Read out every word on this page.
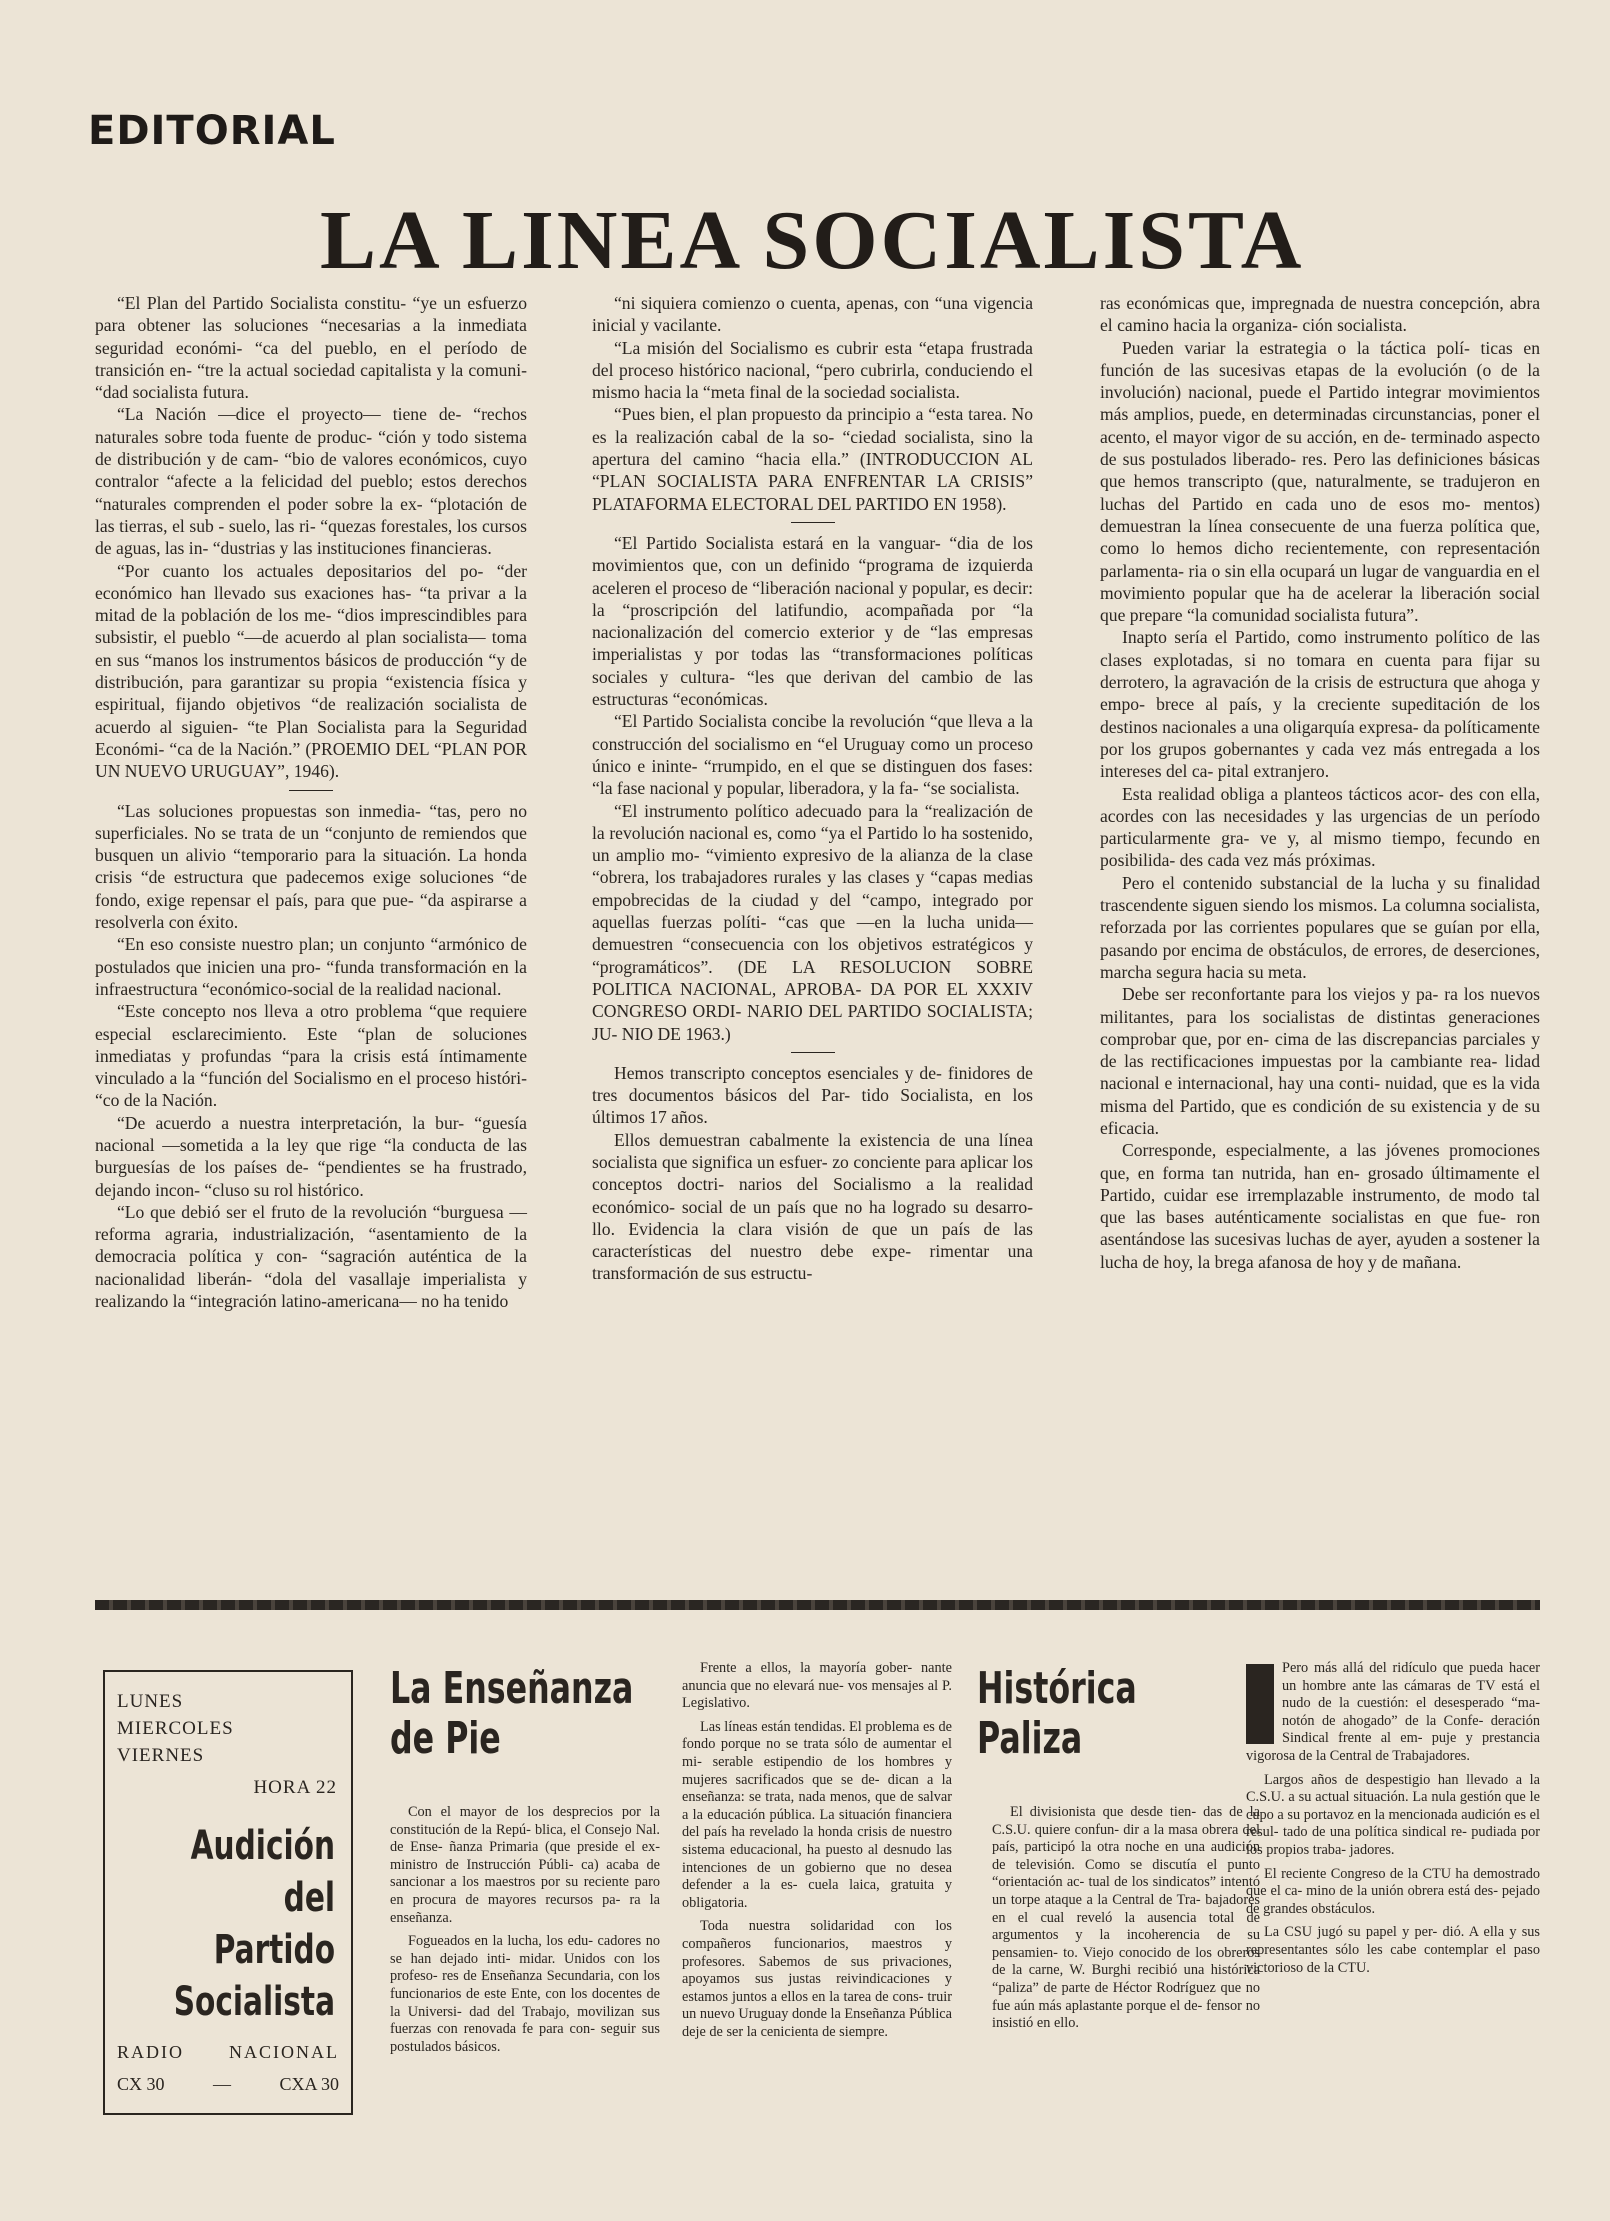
EDITORIAL
LA LINEA SOCIALISTA

“El Plan del Partido Socialista constitu- “ye un esfuerzo para obtener las soluciones “necesarias a la inmediata seguridad económi- “ca del pueblo, en el período de transición en- “tre la actual sociedad capitalista y la comuni- “dad socialista futura.

“La Nación —dice el proyecto— tiene de- “rechos naturales sobre toda fuente de produc- “ción y todo sistema de distribución y de cam- “bio de valores económicos, cuyo contralor “afecte a la felicidad del pueblo; estos derechos “naturales comprenden el poder sobre la ex- “plotación de las tierras, el sub - suelo, las ri- “quezas forestales, los cursos de aguas, las in- “dustrias y las instituciones financieras.

“Por cuanto los actuales depositarios del po- “der económico han llevado sus exaciones has- “ta privar a la mitad de la población de los me- “dios imprescindibles para subsistir, el pueblo “—de acuerdo al plan socialista— toma en sus “manos los instrumentos básicos de producción “y de distribución, para garantizar su propia “existencia física y espiritual, fijando objetivos “de realización socialista de acuerdo al siguien- “te Plan Socialista para la Seguridad Económi- “ca de la Nación.” (PROEMIO DEL “PLAN POR UN NUEVO URUGUAY”, 1946).

“Las soluciones propuestas son inmedia- “tas, pero no superficiales. No se trata de un “conjunto de remiendos que busquen un alivio “temporario para la situación. La honda crisis “de estructura que padecemos exige soluciones “de fondo, exige repensar el país, para que pue- “da aspirarse a resolverla con éxito.

“En eso consiste nuestro plan; un conjunto “armónico de postulados que inicien una pro- “funda transformación en la infraestructura “económico-social de la realidad nacional.

“Este concepto nos lleva a otro problema “que requiere especial esclarecimiento. Este “plan de soluciones inmediatas y profundas “para la crisis está íntimamente vinculado a la “función del Socialismo en el proceso históri- “co de la Nación.

“De acuerdo a nuestra interpretación, la bur- “guesía nacional —sometida a la ley que rige “la conducta de las burguesías de los países de- “pendientes se ha frustrado, dejando incon- “cluso su rol histórico.

“Lo que debió ser el fruto de la revolución “burguesa —reforma agraria, industrialización, “asentamiento de la democracia política y con- “sagración auténtica de la nacionalidad liberán- “dola del vasallaje imperialista y realizando la “integración latino-americana— no ha tenido

“ni siquiera comienzo o cuenta, apenas, con “una vigencia inicial y vacilante.

“La misión del Socialismo es cubrir esta “etapa frustrada del proceso histórico nacional, “pero cubrirla, conduciendo el mismo hacia la “meta final de la sociedad socialista.

“Pues bien, el plan propuesto da principio a “esta tarea. No es la realización cabal de la so- “ciedad socialista, sino la apertura del camino “hacia ella.” (INTRODUCCION AL “PLAN SOCIALISTA PARA ENFRENTAR LA CRISIS” PLATAFORMA ELECTORAL DEL PARTIDO EN 1958).

“El Partido Socialista estará en la vanguar- “dia de los movimientos que, con un definido “programa de izquierda aceleren el proceso de “liberación nacional y popular, es decir: la “proscripción del latifundio, acompañada por “la nacionalización del comercio exterior y de “las empresas imperialistas y por todas las “transformaciones políticas sociales y cultura- “les que derivan del cambio de las estructuras “económicas.

“El Partido Socialista concibe la revolución “que lleva a la construcción del socialismo en “el Uruguay como un proceso único e ininte- “rrumpido, en el que se distinguen dos fases: “la fase nacional y popular, liberadora, y la fa- “se socialista.

“El instrumento político adecuado para la “realización de la revolución nacional es, como “ya el Partido lo ha sostenido, un amplio mo- “vimiento expresivo de la alianza de la clase “obrera, los trabajadores rurales y las clases y “capas medias empobrecidas de la ciudad y del “campo, integrado por aquellas fuerzas políti- “cas que —en la lucha unida— demuestren “consecuencia con los objetivos estratégicos y “programáticos”. (DE LA RESOLUCION SOBRE POLITICA NACIONAL, APROBA- DA POR EL XXXIV CONGRESO ORDI- NARIO DEL PARTIDO SOCIALISTA; JU- NIO DE 1963.)

Hemos transcripto conceptos esenciales y de- finidores de tres documentos básicos del Par- tido Socialista, en los últimos 17 años.

Ellos demuestran cabalmente la existencia de una línea socialista que significa un esfuer- zo conciente para aplicar los conceptos doctri- narios del Socialismo a la realidad económico- social de un país que no ha logrado su desarro- llo. Evidencia la clara visión de que un país de las características del nuestro debe expe- rimentar una transformación de sus estructu-

ras económicas que, impregnada de nuestra concepción, abra el camino hacia la organiza- ción socialista.

Pueden variar la estrategia o la táctica polí- ticas en función de las sucesivas etapas de la evolución (o de la involución) nacional, puede el Partido integrar movimientos más amplios, puede, en determinadas circunstancias, poner el acento, el mayor vigor de su acción, en de- terminado aspecto de sus postulados liberado- res. Pero las definiciones básicas que hemos transcripto (que, naturalmente, se tradujeron en luchas del Partido en cada uno de esos mo- mentos) demuestran la línea consecuente de una fuerza política que, como lo hemos dicho recientemente, con representación parlamenta- ria o sin ella ocupará un lugar de vanguardia en el movimiento popular que ha de acelerar la liberación social que prepare “la comunidad socialista futura”.

Inapto sería el Partido, como instrumento político de las clases explotadas, si no tomara en cuenta para fijar su derrotero, la agravación de la crisis de estructura que ahoga y empo- brece al país, y la creciente supeditación de los destinos nacionales a una oligarquía expresa- da políticamente por los grupos gobernantes y cada vez más entregada a los intereses del ca- pital extranjero.

Esta realidad obliga a planteos tácticos acor- des con ella, acordes con las necesidades y las urgencias de un período particularmente gra- ve y, al mismo tiempo, fecundo en posibilida- des cada vez más próximas.

Pero el contenido substancial de la lucha y su finalidad trascendente siguen siendo los mismos. La columna socialista, reforzada por las corrientes populares que se guían por ella, pasando por encima de obstáculos, de errores, de deserciones, marcha segura hacia su meta.

Debe ser reconfortante para los viejos y pa- ra los nuevos militantes, para los socialistas de distintas generaciones comprobar que, por en- cima de las discrepancias parciales y de las rectificaciones impuestas por la cambiante rea- lidad nacional e internacional, hay una conti- nuidad, que es la vida misma del Partido, que es condición de su existencia y de su eficacia.

Corresponde, especialmente, a las jóvenes promociones que, en forma tan nutrida, han en- grosado últimamente el Partido, cuidar ese irremplazable instrumento, de modo tal que las bases auténticamente socialistas en que fue- ron asentándose las sucesivas luchas de ayer, ayuden a sostener la lucha de hoy, la brega afanosa de hoy y de mañana.

LUNES
MIERCOLES
VIERNES
HORA 22
Audición
del
Partido
Socialista
RADIO	NACIONAL
CX 30	—	CXA 30
La Enseñanza
de Pie

Con el mayor de los desprecios por la constitución de la Repú- blica, el Consejo Nal. de Ense- ñanza Primaria (que preside el ex-ministro de Instrucción Públi- ca) acaba de sancionar a los maestros por su reciente paro en procura de mayores recursos pa- ra la enseñanza.

Fogueados en la lucha, los edu- cadores no se han dejado inti- midar. Unidos con los profeso- res de Enseñanza Secundaria, con los funcionarios de este Ente, con los docentes de la Universi- dad del Trabajo, movilizan sus fuerzas con renovada fe para con- seguir sus postulados básicos.

Frente a ellos, la mayoría gober- nante anuncia que no elevará nue- vos mensajes al P. Legislativo.

Las líneas están tendidas. El problema es de fondo porque no se trata sólo de aumentar el mi- serable estipendio de los hombres y mujeres sacrificados que se de- dican a la enseñanza: se trata, nada menos, que de salvar a la educación pública. La situación financiera del país ha revelado la honda crisis de nuestro sistema educacional, ha puesto al desnudo las intenciones de un gobierno que no desea defender a la es- cuela laica, gratuita y obligatoria.

Toda nuestra solidaridad con los compañeros funcionarios, maestros y profesores. Sabemos de sus privaciones, apoyamos sus justas reivindicaciones y estamos juntos a ellos en la tarea de cons- truir un nuevo Uruguay donde la Enseñanza Pública deje de ser la cenicienta de siempre.

Histórica
Paliza

El divisionista que desde tien- das de la C.S.U. quiere confun- dir a la masa obrera del país, participó la otra noche en una audición de televisión. Como se discutía el punto “orientación ac- tual de los sindicatos” intentó un torpe ataque a la Central de Tra- bajadores en el cual reveló la ausencia total de argumentos y la incoherencia de su pensamien- to. Viejo conocido de los obreros de la carne, W. Burghi recibió una histórica “paliza” de parte de Héctor Rodríguez que no fue aún más aplastante porque el de- fensor no insistió en ello.

Pero más allá del ridículo que pueda hacer un hombre ante las cámaras de TV está el nudo de la cuestión: el desesperado “ma- notón de ahogado” de la Confe- deración Sindical frente al em- puje y prestancia vigorosa de la Central de Trabajadores.

Largos años de despestigio han llevado a la C.S.U. a su actual situación. La nula gestión que le cupo a su portavoz en la mencionada audición es el resul- tado de una política sindical re- pudiada por los propios traba- jadores.

El reciente Congreso de la CTU ha demostrado que el ca- mino de la unión obrera está des- pejado de grandes obstáculos.

La CSU jugó su papel y per- dió. A ella y sus representantes sólo les cabe contemplar el paso victorioso de la CTU.
